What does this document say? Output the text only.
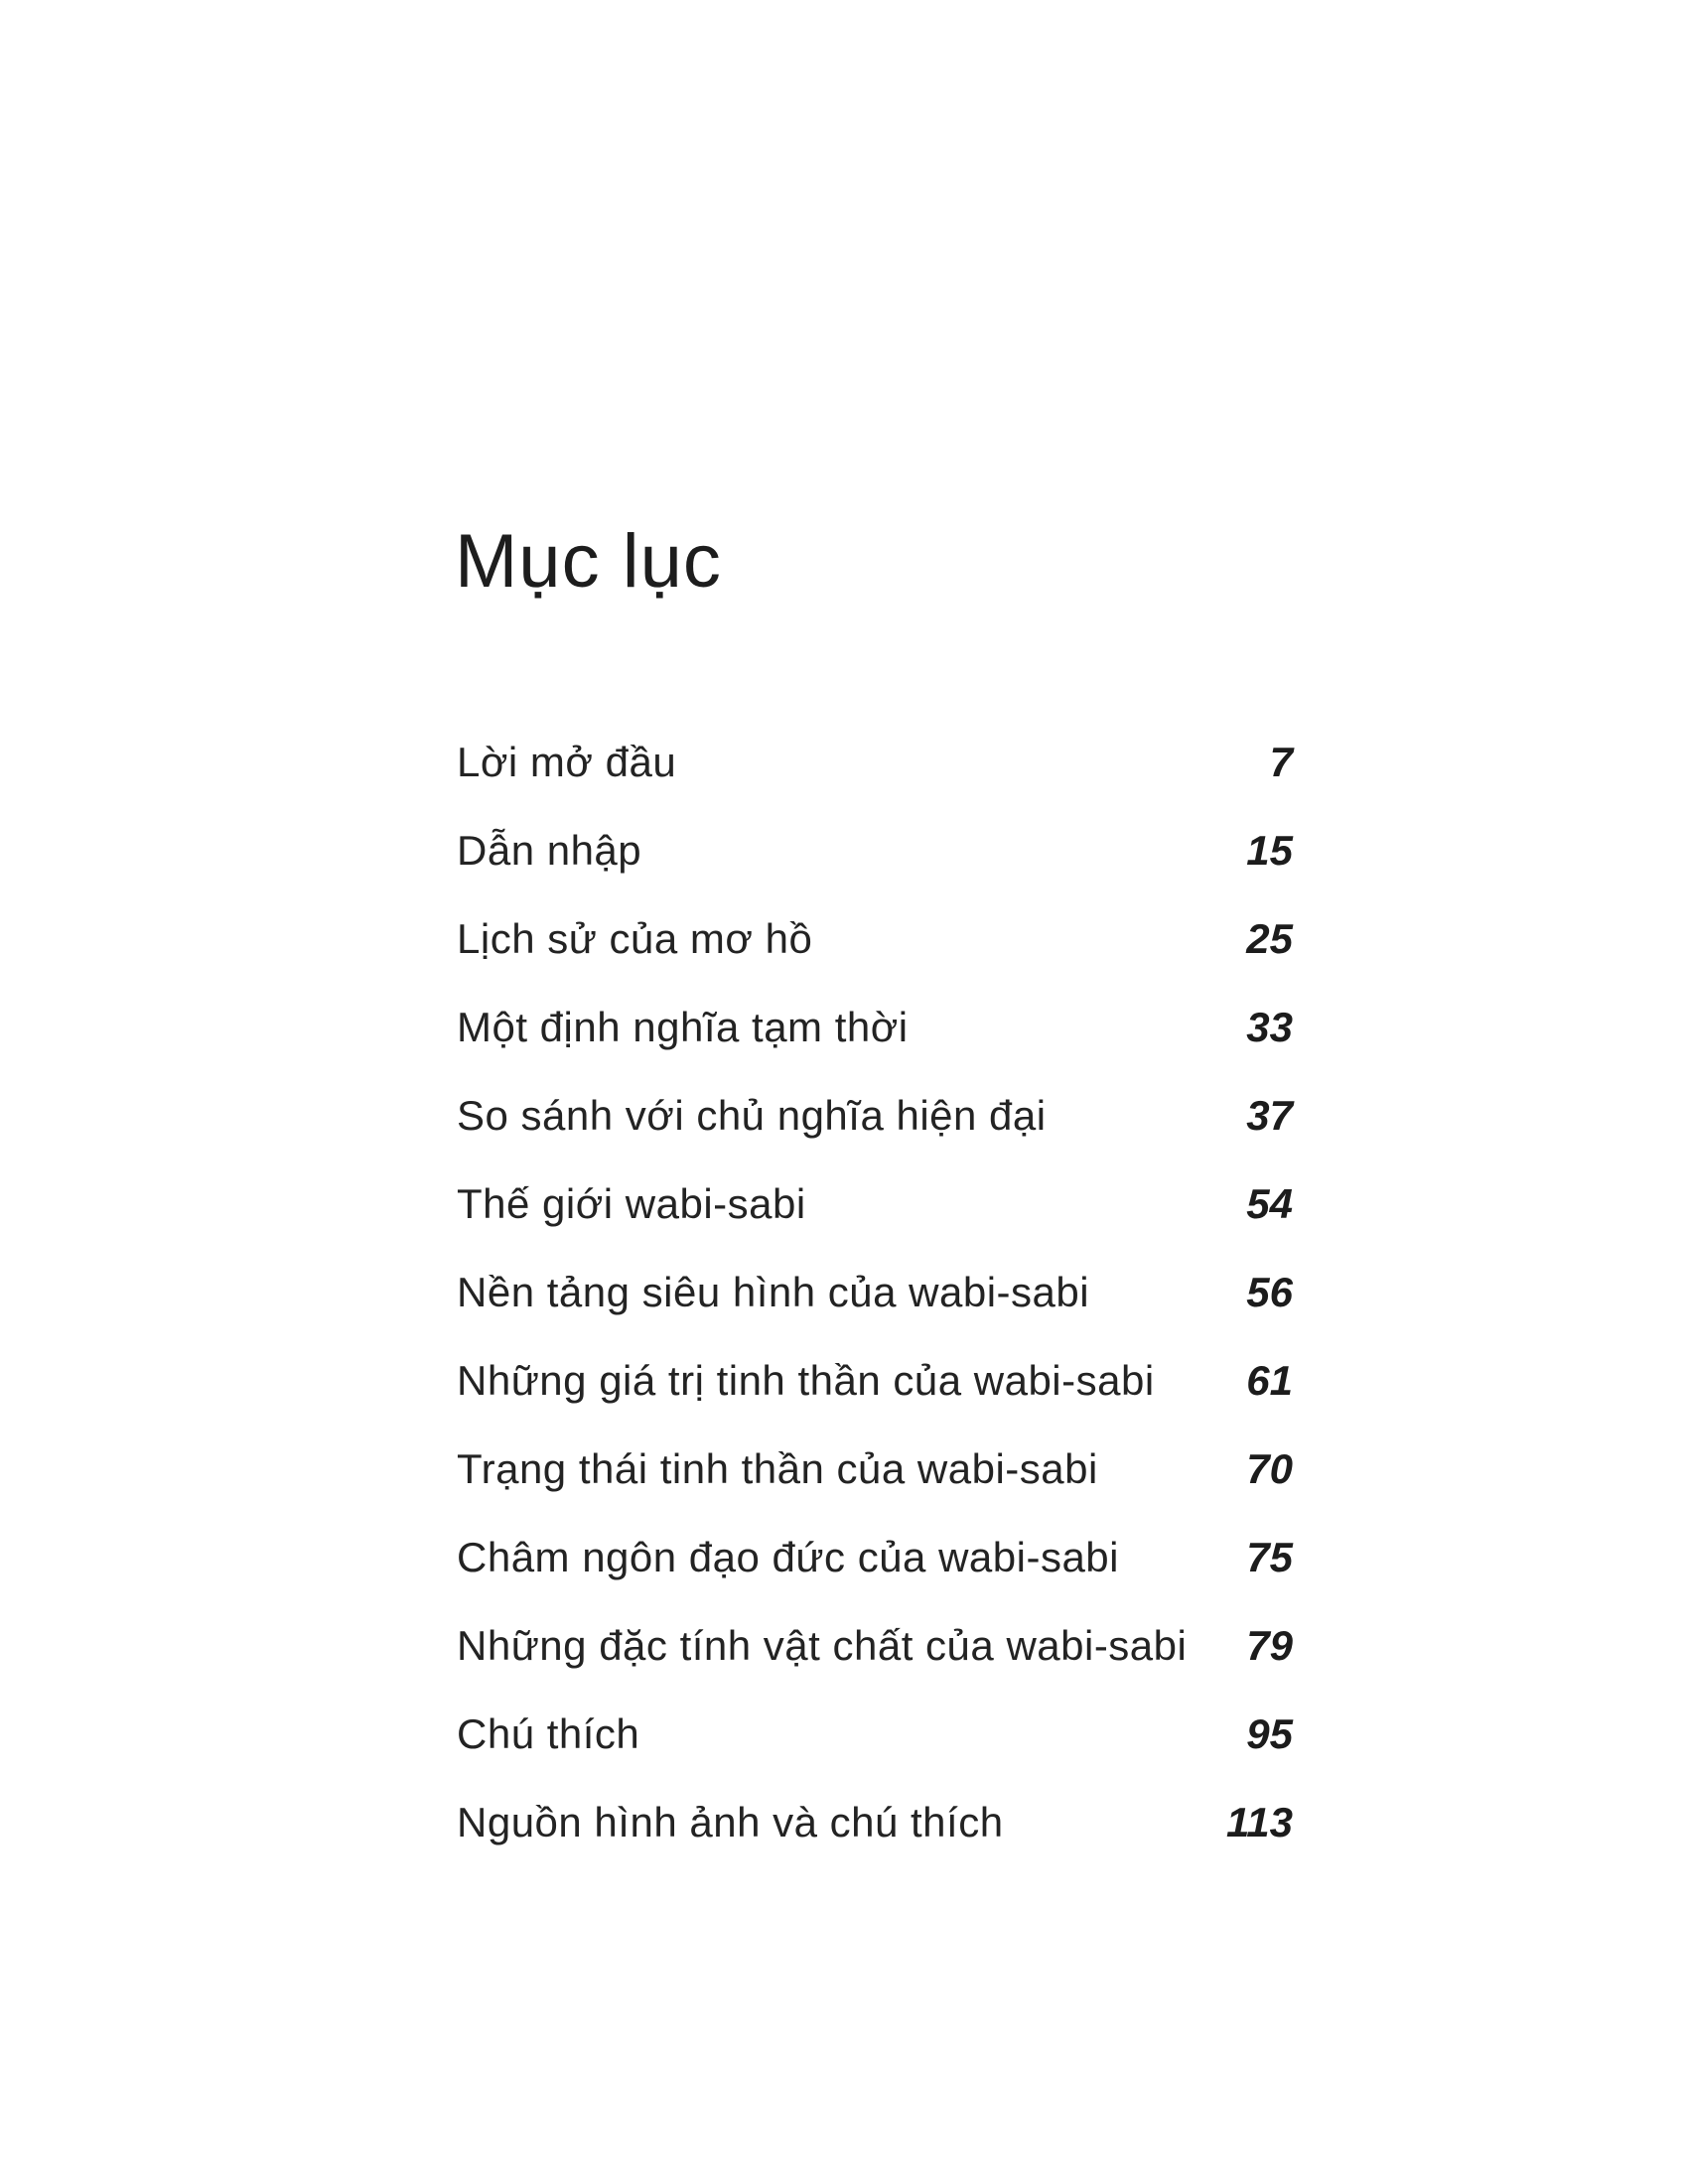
Mục lục
Lời mở đầu	7
Dẫn nhập	15
Lịch sử của mơ hồ	25
Một định nghĩa tạm thời	33
So sánh với chủ nghĩa hiện đại	37
Thế giới wabi-sabi	54
Nền tảng siêu hình của wabi-sabi	56
Những giá trị tinh thần của wabi-sabi 61
Trạng thái tinh thần của wabi-sabi	70
Châm ngôn đạo đức của wabi-sabi	75
Những đặc tính vật chất của wabi-sabi 79
Chú thích	95
Nguồn hình ảnh và chú thích	113
